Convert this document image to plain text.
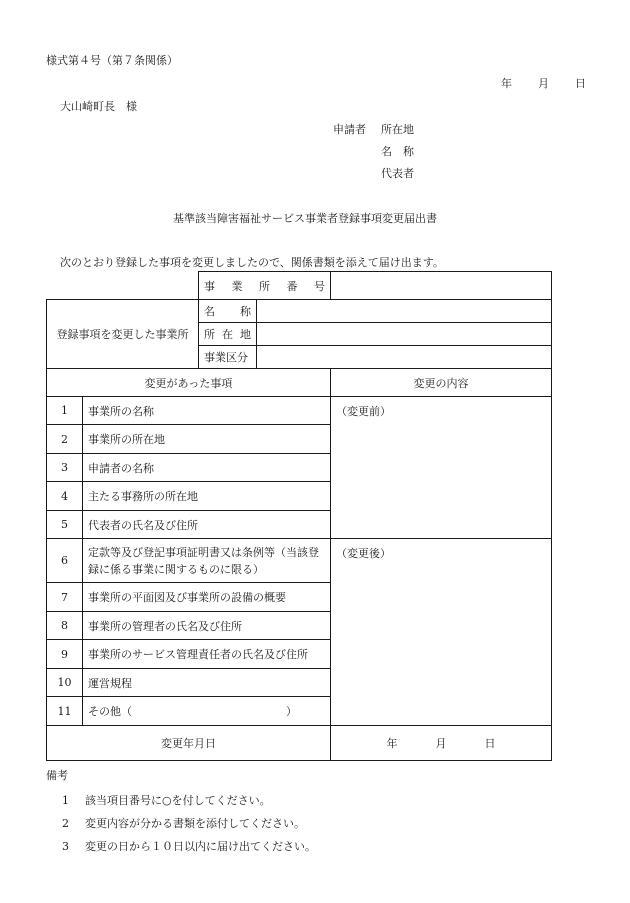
様式第４号（第７条関係）
年 月 日
大山崎町長　様
申請者 所在地
名　称
代表者
基準該当障害福祉サービス事業者登録事項変更届出書
次のとおり登録した事項を変更しましたので、関係書類を添えて届け出ます。

		事 業 所 番 号		

登録事項を変更した事業所		名 称		

		所 在 地		

		事業区分		
変更があった事項				変更の内容
1	事業所の名称			（変更前）
2	事業所の所在地			
3	申請者の名称			
4	主たる事務所の所在地			
5	代表者の氏名及び住所			
6	定款等及び登記事項証明書又は条例等（当該登録に係る事業に関するものに限る）			（変更後）
7	事業所の平面図及び事業所の設備の概要			
8	事業所の管理者の氏名及び住所			
9	事業所のサービス管理責任者の氏名及び住所			
10	運営規程			
11	その他（　　　　　　　　　　　　　　）			
変更年月日				年 月 日
備考
1 該当項目番号に○を付してください。
2 変更内容が分かる書類を添付してください。
3 変更の日から１０日以内に届け出てください。
